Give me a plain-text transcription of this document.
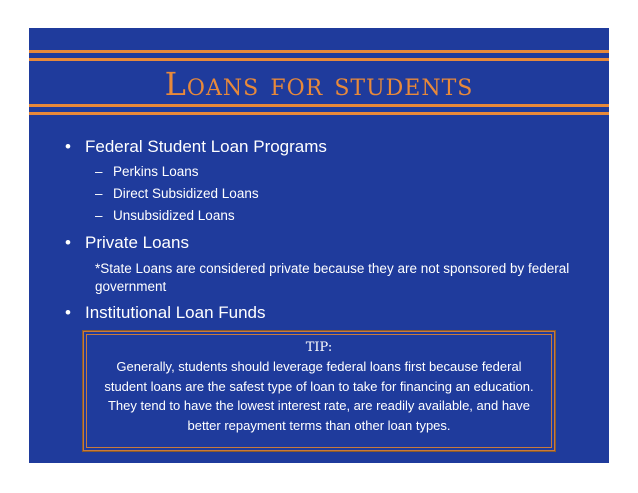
Loans for students
• Federal Student Loan Programs
– Perkins Loans
– Direct Subsidized Loans
– Unsubsidized Loans
• Private Loans
*State Loans are considered private because they are not sponsored by federal government
• Institutional Loan Funds
TIP:
Generally, students should leverage federal loans first because federal student loans are the safest type of loan to take for financing an education. They tend to have the lowest interest rate, are readily available, and have better repayment terms than other loan types.
